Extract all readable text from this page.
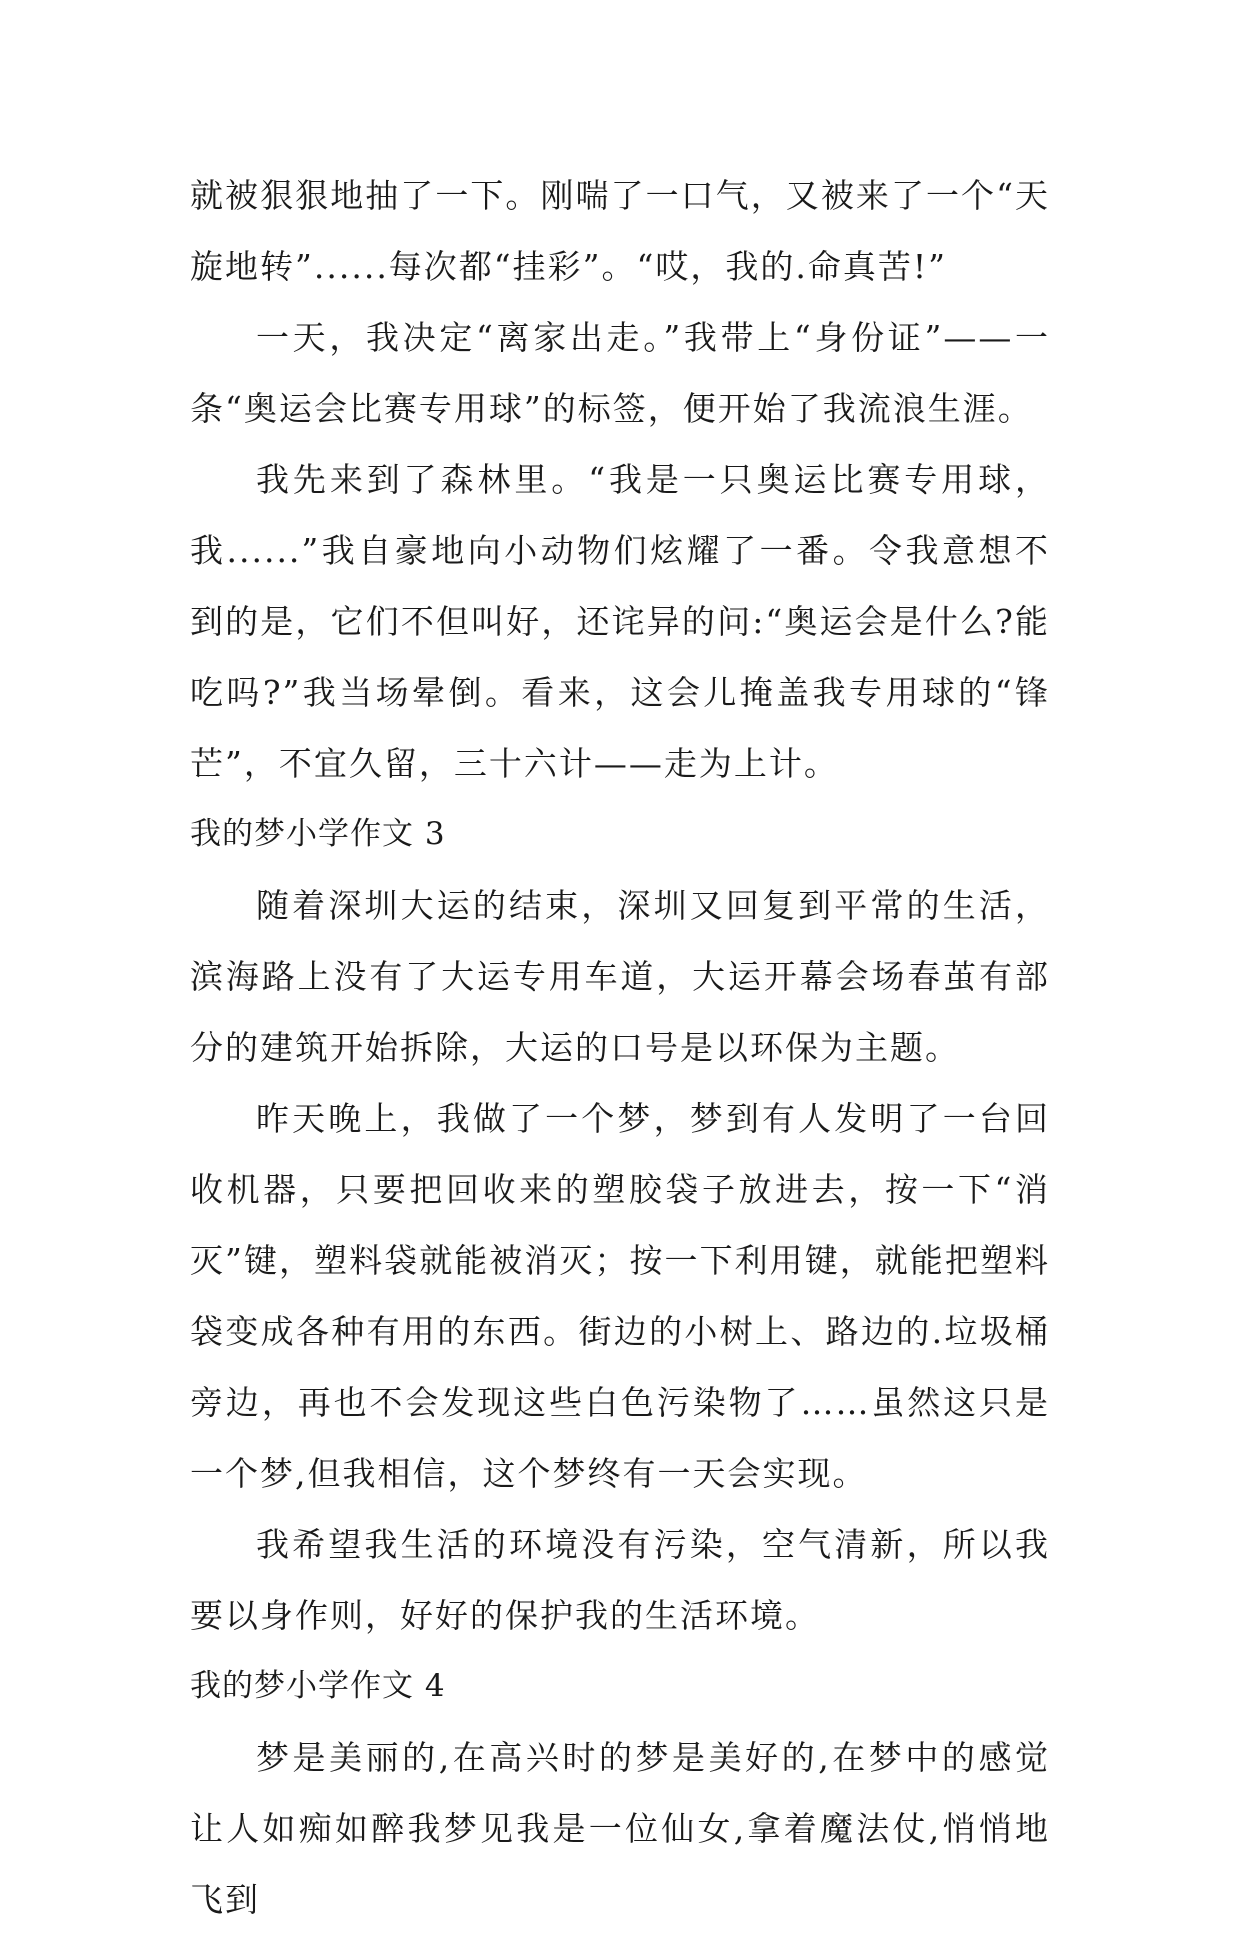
就被狠狠地抽了一下。刚喘了一口气，又被来了一个“天旋地转”......每次都“挂彩”。“哎，我的.命真苦!”

一天，我决定“离家出走。”我带上“身份证”——一条“奥运会比赛专用球”的标签，便开始了我流浪生涯。

我先来到了森林里。“我是一只奥运比赛专用球，我......”我自豪地向小动物们炫耀了一番。令我意想不到的是，它们不但叫好，还诧异的问:“奥运会是什么?能吃吗?”我当场晕倒。看来，这会儿掩盖我专用球的“锋芒”，不宜久留，三十六计——走为上计。

我的梦小学作文 3

随着深圳大运的结束，深圳又回复到平常的生活，滨海路上没有了大运专用车道，大运开幕会场春茧有部分的建筑开始拆除，大运的口号是以环保为主题。

昨天晚上，我做了一个梦，梦到有人发明了一台回收机器，只要把回收来的塑胶袋子放进去，按一下“消灭”键，塑料袋就能被消灭；按一下利用键，就能把塑料袋变成各种有用的东西。街边的小树上、路边的.垃圾桶旁边，再也不会发现这些白色污染物了……虽然这只是一个梦,但我相信，这个梦终有一天会实现。

我希望我生活的环境没有污染，空气清新，所以我要以身作则，好好的保护我的生活环境。

我的梦小学作文 4

梦是美丽的,在高兴时的梦是美好的,在梦中的感觉让人如痴如醉我梦见我是一位仙女,拿着魔法仗,悄悄地飞到
